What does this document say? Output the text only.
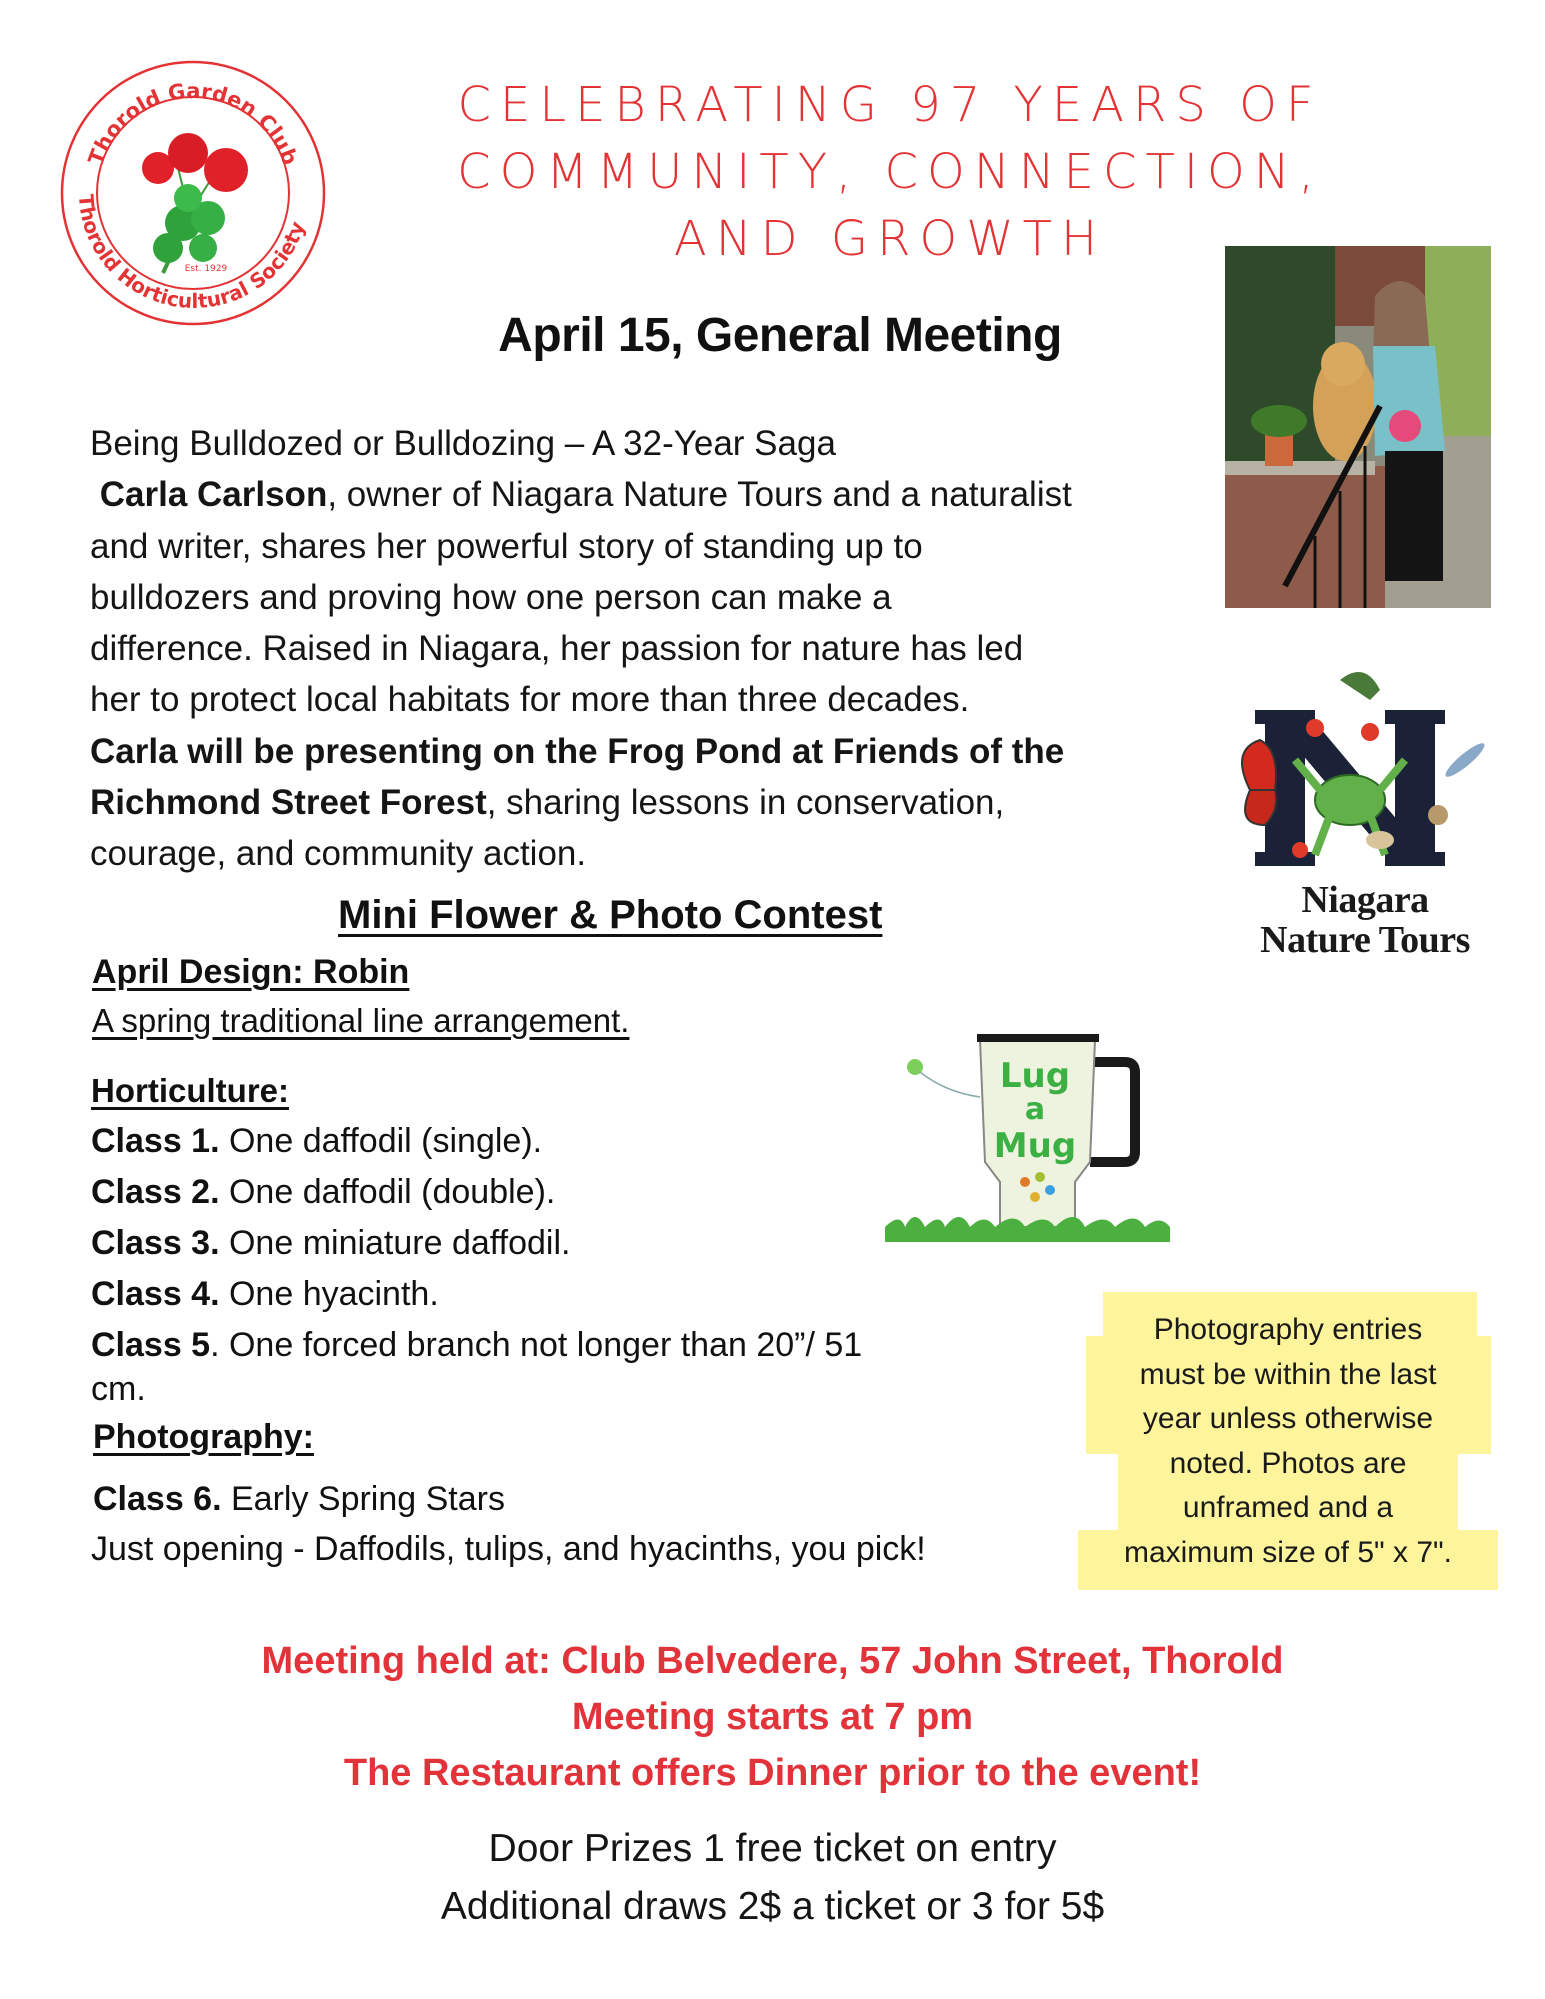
Thorold Garden Club
Thorold Horticultural Society
Est. 1929
CELEBRATING 97 YEARS OF
COMMUNITY, CONNECTION,
AND GROWTH
April 15, General Meeting
Being Bulldozed or Bulldozing – A 32-Year Saga
Carla Carlson, owner of Niagara Nature Tours and a naturalist
and writer, shares her powerful story of standing up to
bulldozers and proving how one person can make a
difference. Raised in Niagara, her passion for nature has led
her to protect local habitats for more than three decades.
Carla will be presenting on the Frog Pond at Friends of the
Richmond Street Forest, sharing lessons in conservation,
courage, and community action.
Niagara
Nature Tours
Mini Flower & Photo Contest
April Design: Robin
A spring traditional line arrangement.
Horticulture:
Class 1. One daffodil (single).
Class 2. One daffodil (double).
Class 3. One miniature daffodil.
Class 4. One hyacinth.
Class 5. One forced branch not longer than 20”/ 51
cm.
Photography:
Class 6. Early Spring Stars
Just opening - Daffodils, tulips, and hyacinths, you pick!
Lug
a
Mug
Photography entries
must be within the last
year unless otherwise
noted. Photos are
unframed and a
maximum size of 5" x 7".
Meeting held at: Club Belvedere, 57 John Street, Thorold
Meeting starts at 7 pm
The Restaurant offers Dinner prior to the event!
Door Prizes 1 free ticket on entry
Additional draws 2$ a ticket or 3 for 5$
